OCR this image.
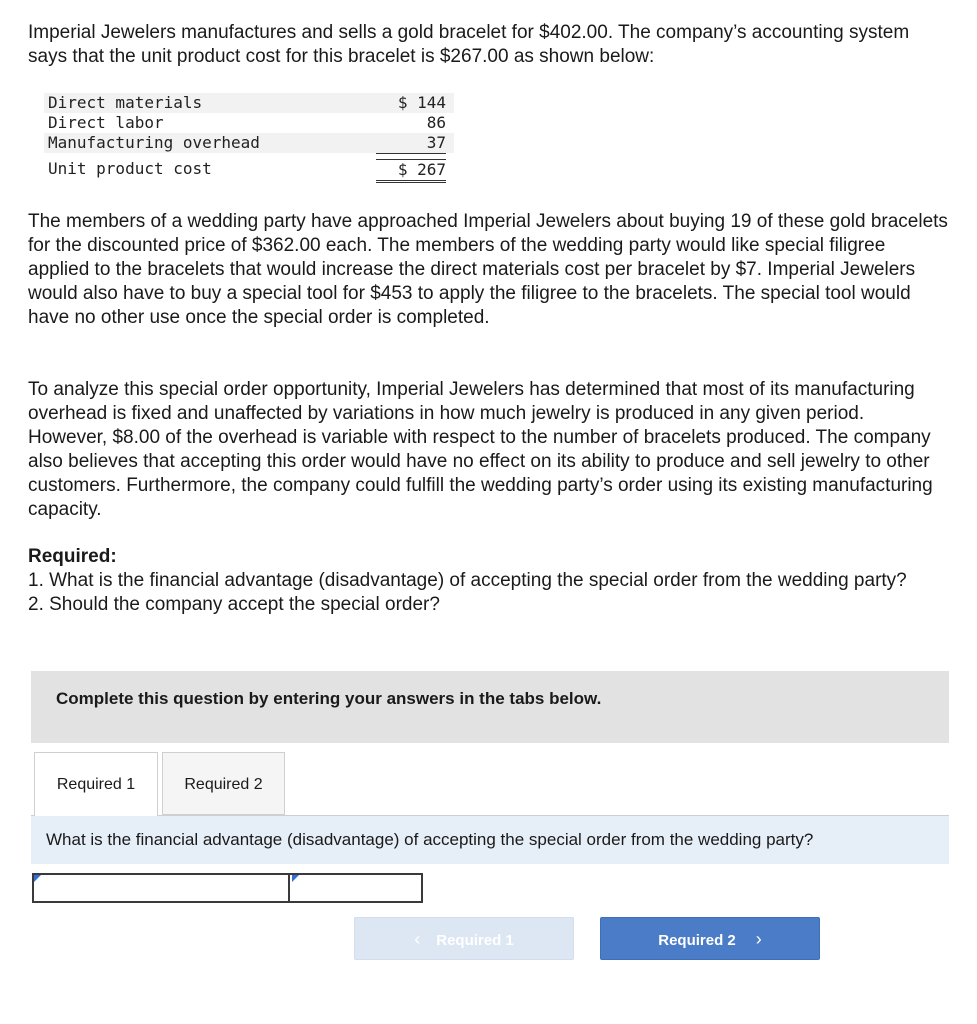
Imperial Jewelers manufactures and sells a gold bracelet for $402.00. The company’s accounting system says that the unit product cost for this bracelet is $267.00 as shown below:

Direct materials	$ 144
Direct labor	86
Manufacturing overhead	37
Unit product cost	$ 267

The members of a wedding party have approached Imperial Jewelers about buying 19 of these gold bracelets for the discounted price of $362.00 each. The members of the wedding party would like special filigree applied to the bracelets that would increase the direct materials cost per bracelet by $7. Imperial Jewelers would also have to buy a special tool for $453 to apply the filigree to the bracelets. The special tool would have no other use once the special order is completed.

To analyze this special order opportunity, Imperial Jewelers has determined that most of its manufacturing overhead is fixed and unaffected by variations in how much jewelry is produced in any given period. However, $8.00 of the overhead is variable with respect to the number of bracelets produced. The company also believes that accepting this order would have no effect on its ability to produce and sell jewelry to other customers. Furthermore, the company could fulfill the wedding party’s order using its existing manufacturing capacity.

Required:
1. What is the financial advantage (disadvantage) of accepting the special order from the wedding party?
2. Should the company accept the special order?
Complete this question by entering your answers in the tabs below.
Required 1	Required 2
What is the financial advantage (disadvantage) of accepting the special order from the wedding party?
‹ Required 1	Required 2 ›
